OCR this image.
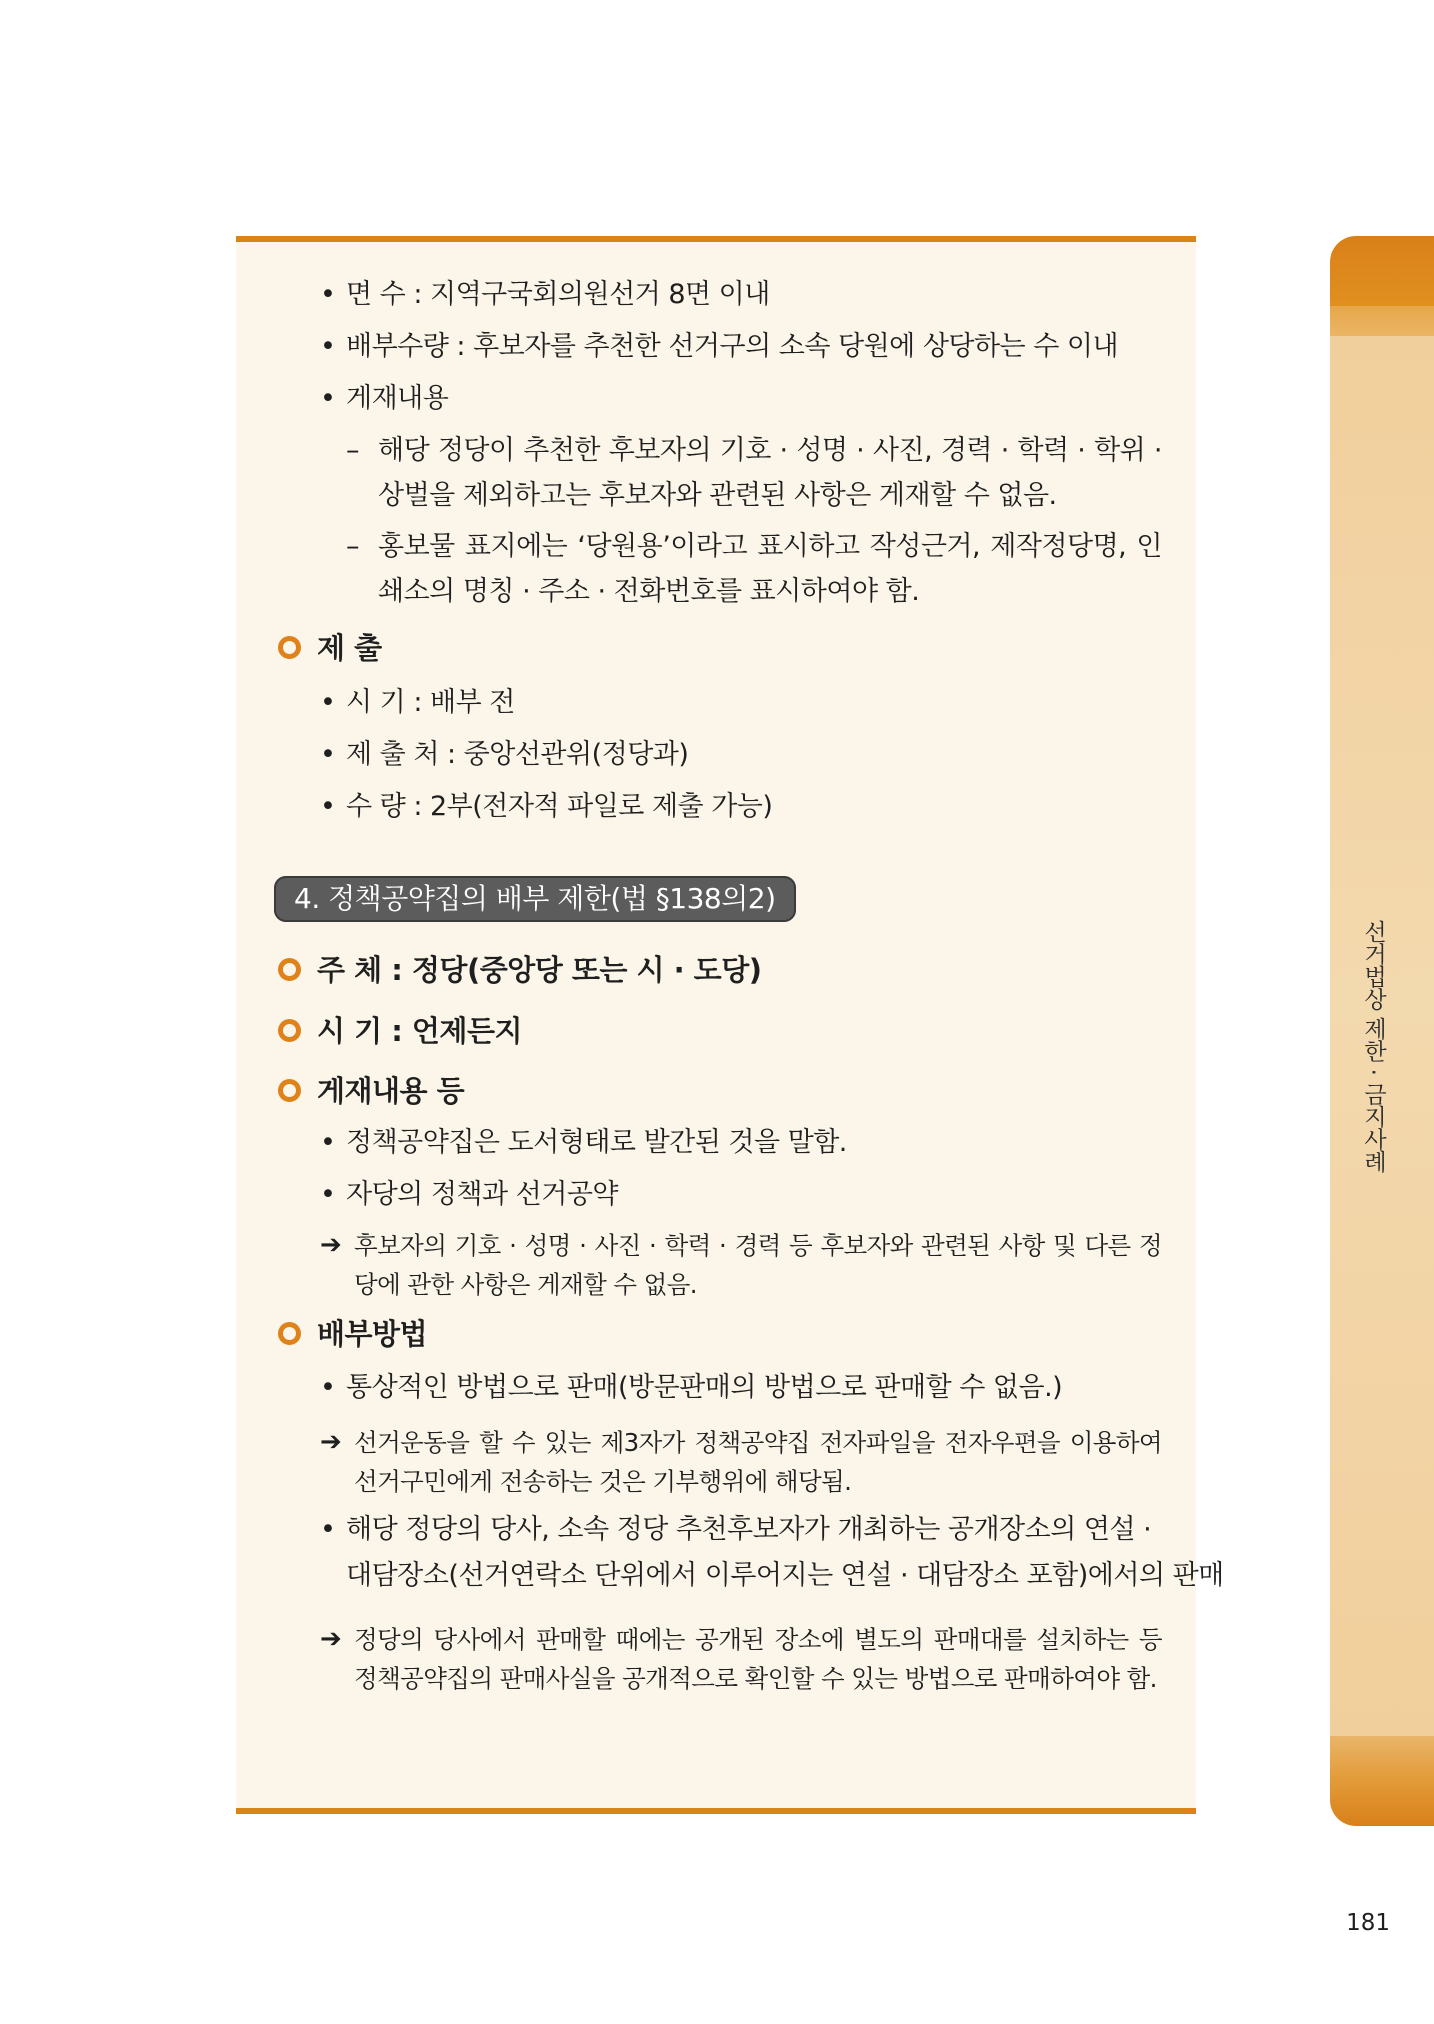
선거법상 제한 · 금지사례
• 면 수 : 지역구국회의원선거 8면 이내
• 배부수량 : 후보자를 추천한 선거구의 소속 당원에 상당하는 수 이내
• 게재내용
– 해당 정당이 추천한 후보자의 기호 · 성명 · 사진, 경력 · 학력 · 학위 · 상벌을 제외하고는 후보자와 관련된 사항은 게재할 수 없음.
– 홍보물 표지에는 ‘당원용’이라고 표시하고 작성근거, 제작정당명, 인쇄소의 명칭 · 주소 · 전화번호를 표시하여야 함.
제 출
• 시 기 : 배부 전
• 제 출 처 : 중앙선관위(정당과)
• 수 량 : 2부(전자적 파일로 제출 가능)
4. 정책공약집의 배부 제한(법 §138의2)
주 체 : 정당(중앙당 또는 시 · 도당)
시 기 : 언제든지
게재내용 등
• 정책공약집은 도서형태로 발간된 것을 말함.
• 자당의 정책과 선거공약
➔ 후보자의 기호 · 성명 · 사진 · 학력 · 경력 등 후보자와 관련된 사항 및 다른 정당에 관한 사항은 게재할 수 없음.
배부방법
• 통상적인 방법으로 판매(방문판매의 방법으로 판매할 수 없음.)
➔ 선거운동을 할 수 있는 제3자가 정책공약집 전자파일을 전자우편을 이용하여 선거구민에게 전송하는 것은 기부행위에 해당됨.
• 해당 정당의 당사, 소속 정당 추천후보자가 개최하는 공개장소의 연설 ·
대담장소(선거연락소 단위에서 이루어지는 연설 · 대담장소 포함)에서의 판매
➔ 정당의 당사에서 판매할 때에는 공개된 장소에 별도의 판매대를 설치하는 등 정책공약집의 판매사실을 공개적으로 확인할 수 있는 방법으로 판매하여야 함.
181
